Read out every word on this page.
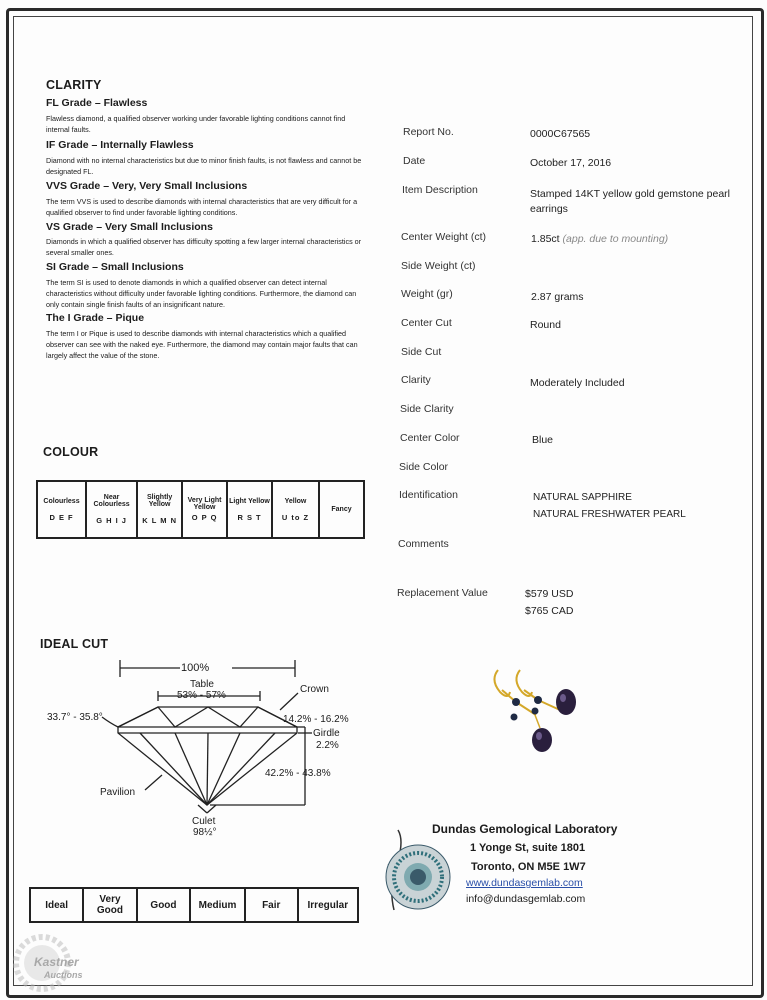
CLARITY
FL Grade – Flawless
Flawless diamond, a qualified observer working under favorable lighting conditions cannot find internal faults.
IF Grade – Internally Flawless
Diamond with no internal characteristics but due to minor finish faults, is not flawless and cannot be designated FL.
VVS Grade – Very, Very Small Inclusions
The term VVS is used to describe diamonds with internal characteristics that are very difficult for a qualified observer to find under favorable lighting conditions.
VS Grade – Very Small Inclusions
Diamonds in which a qualified observer has difficulty spotting a few larger internal characteristics or several smaller ones.
SI Grade – Small Inclusions
The term SI is used to denote diamonds in which a qualified observer can detect internal characteristics without difficulty under favorable lighting conditions. Furthermore, the diamond can only contain single finish faults of an insignificant nature.
The I Grade – Pique
The term I or Pique is used to describe diamonds with internal characteristics which a qualified observer can see with the naked eye. Furthermore, the diamond may contain major faults that can largely affect the value of the stone.
COLOUR
Colourless
D E F

Near Colourless
G H I J

Slightly Yellow
K L M N

Very Light Yellow
O P Q

Light Yellow
R S T

Yellow
U to Z

Fancy
IDEAL CUT
100%
Table
53% - 57%
Crown
33.7° - 35.8°	14.2% - 16.2%
Girdle
2.2%
42.2% - 43.8%
Pavilion
Culet
98½°
Ideal	Very Good	Good	Medium	Fair	Irregular
Report No.	0000C67565
Date	October 17, 2016
Item Description	Stamped 14KT yellow gold gemstone pearl earrings
Center Weight (ct)	1.85ct (app. due to mounting)
Side Weight (ct)
Weight (gr)	2.87 grams
Center Cut	Round
Side Cut
Clarity	Moderately Included
Side Clarity
Center Color	Blue
Side Color
Identification	NATURAL SAPPHIRE
NATURAL FRESHWATER PEARL
Comments
Replacement Value	$579 USD
$765 CAD
Dundas Gemological Laboratory
1 Yonge St, suite 1801
Toronto, ON M5E 1W7
www.dundasgemlab.com
info@dundasgemlab.com
Kastner
Auctions
